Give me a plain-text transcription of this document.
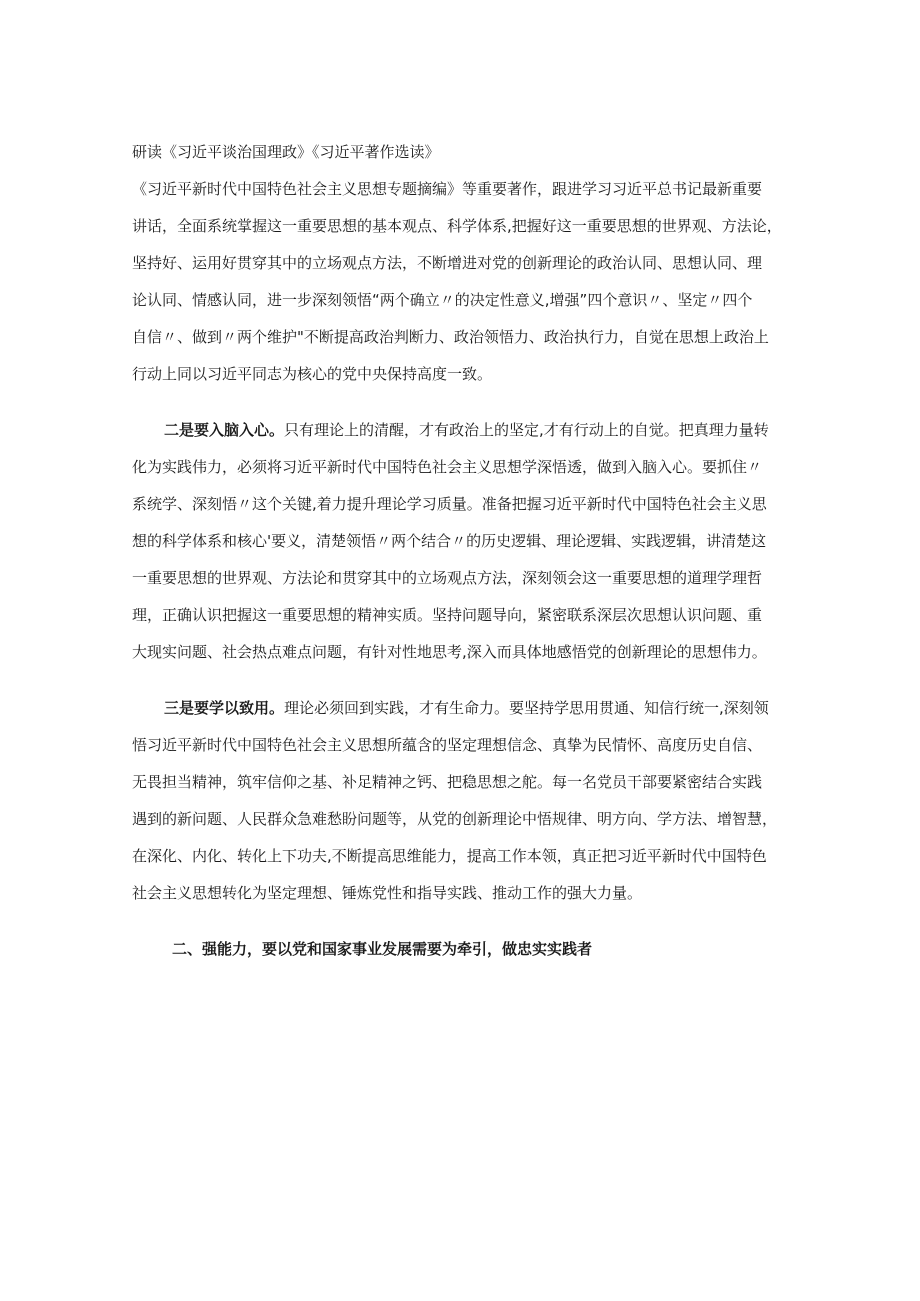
研读《习近平谈治国理政》《习近平著作选读》

《习近平新时代中国特色社会主义思想专题摘编》等重要著作，跟进学习习近平总书记最新重要

讲话，全面系统掌握这一重要思想的基本观点、科学体系,把握好这一重要思想的世界观、方法论，

坚持好、运用好贯穿其中的立场观点方法，不断增进对党的创新理论的政治认同、思想认同、理

论认同、情感认同，进一步深刻领悟“两个确立〃的决定性意义,增强”四个意识〃、坚定〃四个

自信〃、做到〃两个维护"不断提高政治判断力、政治领悟力、政治执行力，自觉在思想上政治上

行动上同以习近平同志为核心的党中央保持高度一致。

二是要入脑入心。只有理论上的清醒，才有政治上的坚定,才有行动上的自觉。把真理力量转

化为实践伟力，必须将习近平新时代中国特色社会主义思想学深悟透，做到入脑入心。要抓住〃

系统学、深刻悟〃这个关键,着力提升理论学习质量。准备把握习近平新时代中国特色社会主义思

想的科学体系和核心'要义，清楚领悟〃两个结合〃的历史逻辑、理论逻辑、实践逻辑，讲清楚这

一重要思想的世界观、方法论和贯穿其中的立场观点方法，深刻领会这一重要思想的道理学理哲

理，正确认识把握这一重要思想的精神实质。坚持问题导向，紧密联系深层次思想认识问题、重

大现实问题、社会热点难点问题，有针对性地思考,深入而具体地感悟党的创新理论的思想伟力。

三是要学以致用。理论必须回到实践，才有生命力。要坚持学思用贯通、知信行统一,深刻领

悟习近平新时代中国特色社会主义思想所蕴含的坚定理想信念、真挚为民情怀、高度历史自信、

无畏担当精神，筑牢信仰之基、补足精神之钙、把稳思想之舵。每一名党员干部要紧密结合实践

遇到的新问题、人民群众急难愁盼问题等，从党的创新理论中悟规律、明方向、学方法、增智慧，

在深化、内化、转化上下功夫,不断提高思维能力，提高工作本领，真正把习近平新时代中国特色

社会主义思想转化为坚定理想、锤炼党性和指导实践、推动工作的强大力量。

二、强能力，要以党和国家事业发展需要为牵引，做忠实实践者
